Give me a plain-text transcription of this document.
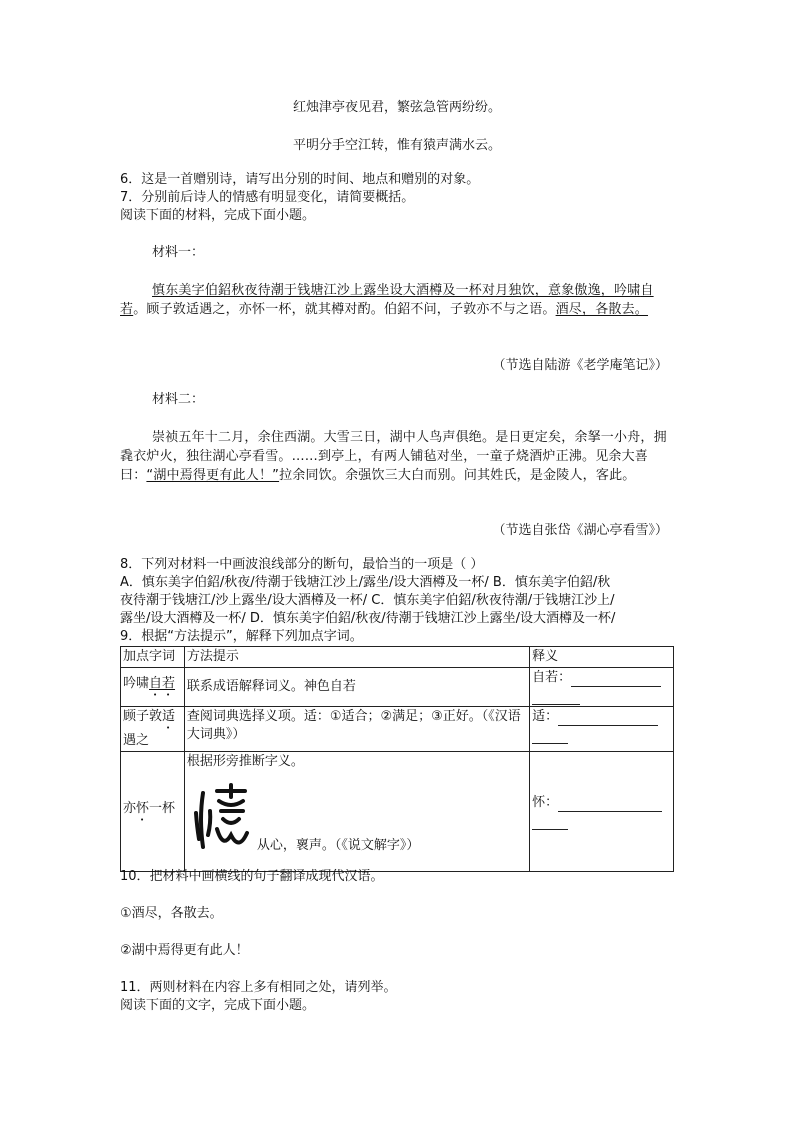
红烛津亭夜见君，繁弦急管两纷纷。
平明分手空江转，惟有猿声满水云。
6．这是一首赠别诗，请写出分别的时间、地点和赠别的对象。
7．分别前后诗人的情感有明显变化，请简要概括。
阅读下面的材料，完成下面小题。
材料一：
慎东美字伯鉊秋夜待潮于钱塘江沙上露坐设大酒樽及一杯对月独饮，意象傲逸，吟啸自若。顾子敦适遇之，亦怀一杯，就其樽对酌。伯鉊不问，子敦亦不与之语。酒尽，各散去。
（节选自陆游《老学庵笔记》）
材料二：
崇祯五年十二月，余住西湖。大雪三日，湖中人鸟声俱绝。是日更定矣，余拏一小舟，拥毳衣炉火，独往湖心亭看雪。……到亭上，有两人铺毡对坐，一童子烧酒炉正沸。见余大喜曰：“湖中焉得更有此人！”拉余同饮。余强饮三大白而别。问其姓氏，是金陵人，客此。
（节选自张岱《湖心亭看雪》）
8．下列对材料一中画波浪线部分的断句，最恰当的一项是（ ）
A．慎东美字伯鉊/秋夜/待潮于钱塘江沙上/露坐/设大酒樽及一杯/ B．慎东美字伯鉊/秋
夜待潮于钱塘江/沙上露坐/设大酒樽及一杯/ C．慎东美字伯鉊/秋夜待潮/于钱塘江沙上/
露坐/设大酒樽及一杯/ D．慎东美字伯鉊/秋夜/待潮于钱塘江沙上露坐/设大酒樽及一杯/
9．根据“方法提示”，解释下列加点字词。
加点字词	方法提示	释义
吟啸自若	联系成语解释词义。神色自若	自若：

顾子敦适遇之	查阅词典选择义项。适：①适合；②满足；③正好。（《汉语大词典》）	适：

亦怀一杯	根据形旁推断字义。
从心，褱声。（《说文解字》）	怀：

10．把材料中画横线的句子翻译成现代汉语。
①酒尽，各散去。
②湖中焉得更有此人！
11．两则材料在内容上多有相同之处，请列举。
阅读下面的文字，完成下面小题。
